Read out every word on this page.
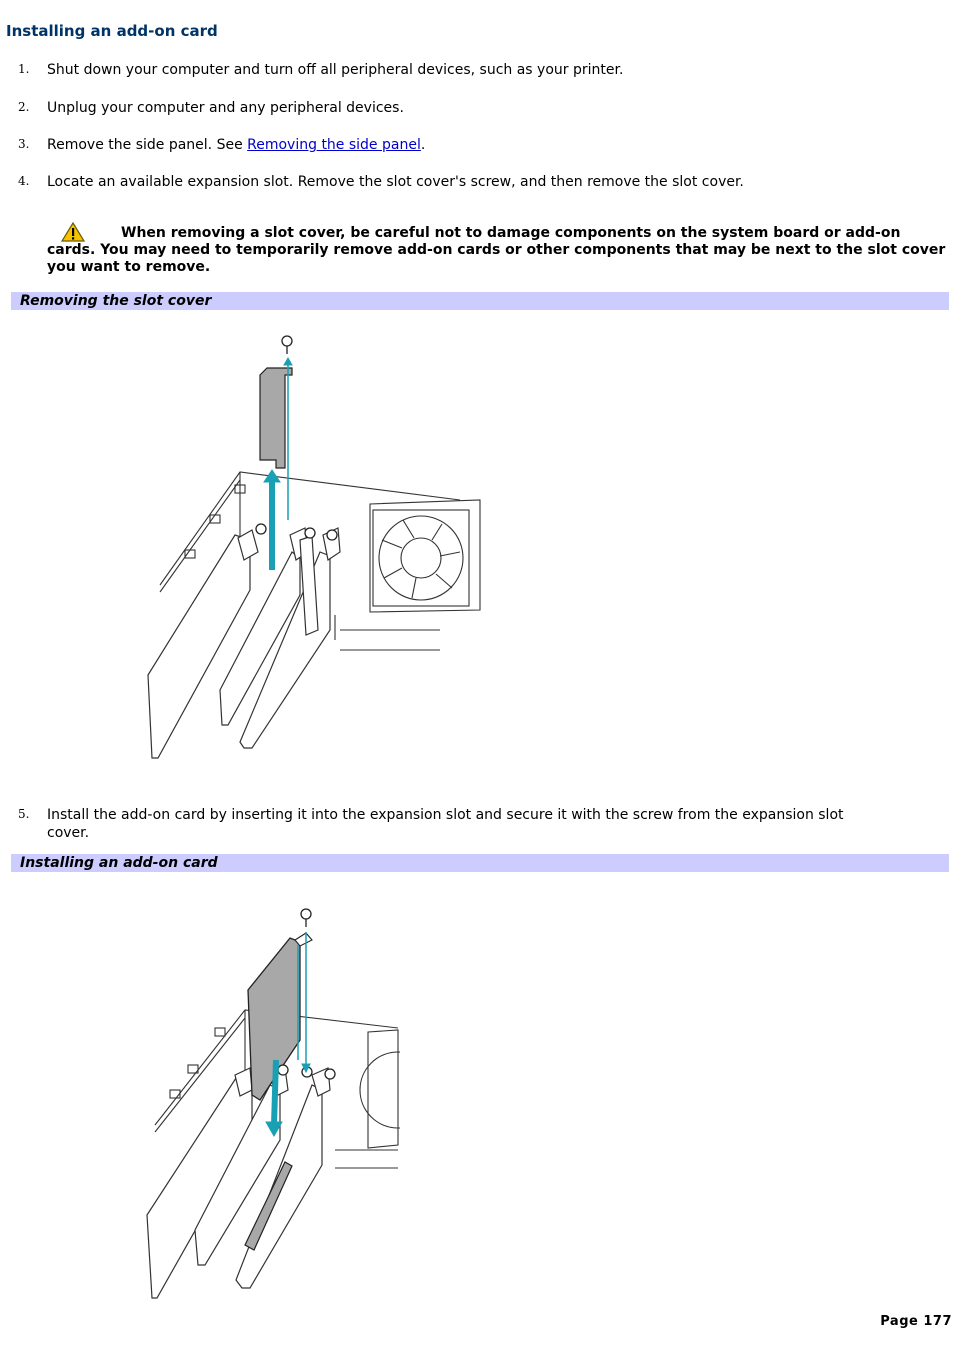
Installing an add-on card
1. Shut down your computer and turn off all peripheral devices, such as your printer.
2. Unplug your computer and any peripheral devices.
3. Remove the side panel. See Removing the side panel.
4. Locate an available expansion slot. Remove the slot cover's screw, and then remove the slot cover.

When removing a slot cover, be careful not to damage components on the system board or add-on cards. You may need to temporarily remove add-on cards or other components that may be next to the slot cover you want to remove.

Removing the slot cover
5. Install the add-on card by inserting it into the expansion slot and secure it with the screw from the expansion slot cover.
Installing an add-on card
Page 177
